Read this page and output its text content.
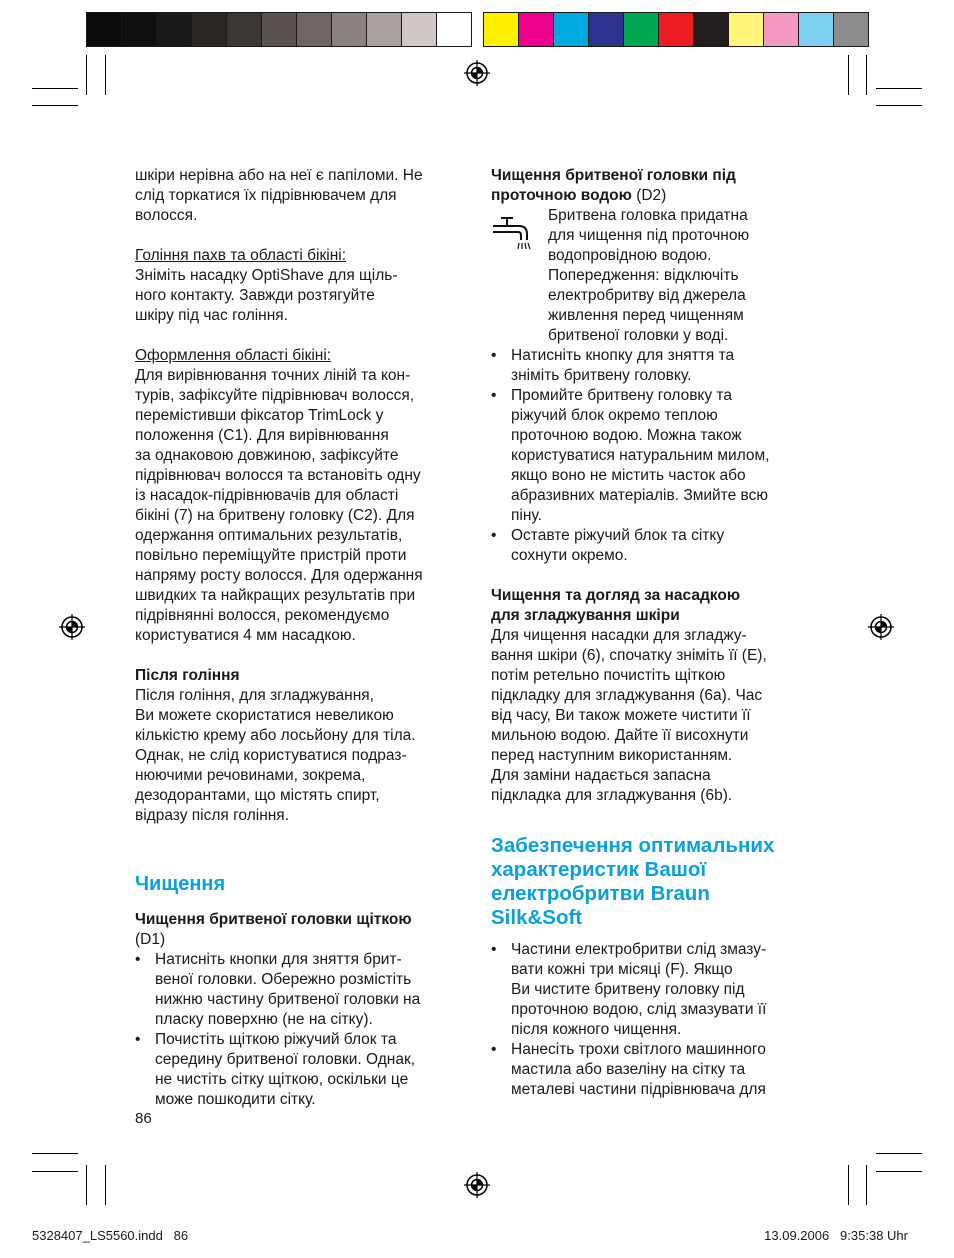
шкіри нерівна або на неї є папіломи. Не

слід торкатися їх підрівнювачем для

волосся.

Гоління пахв та області бікіні:

Зніміть насадку OptiShave для щіль-

ного контакту. Завжди розтягуйте

шкіру під час гоління.

Оформлення області бікіні:

Для вирівнювання точних ліній та кон-

турів, зафіксуйте підрівнювач волосся,

перемістивши фіксатор TrimLock у

положення (C1). Для вирівнювання

за однаковою довжиною, зафіксуйте

підрівнювач волосся та встановіть одну

із насадок-підрівнювачів для області

бікіні (7) на бритвену головку (C2). Для

одержання оптимальних результатів,

повільно переміщуйте пристрій проти

напряму росту волосся. Для одержання

швидких та найкращих результатів при

підрівнянні волосся, рекомендуємо

користуватися 4 мм насадкою.

Після гоління

Після гоління, для згладжування,

Ви можете скористатися невеликою

кількістю крему або лосьйону для тіла.

Однак, не слід користуватися подраз-

нюючими речовинами, зокрема,

дезодорантами, що містять спирт,

відразу після гоління.

Чищення

Чищення бритвеної головки щіткою

(D1)

• Натисніть кнопки для зняття брит-

веної головки. Обережно розмістіть

нижню частину бритвеної головки на

пласку поверхню (не на сітку).

• Почистіть щіткою ріжучий блок та

середину бритвеної головки. Однак,

не чистіть сітку щіткою, оскільки це

може пошкодити сітку.

86

Чищення бритвеної головки під

проточною водою (D2)

Бритвена головка придатна

для чищення під проточною

водопровідною водою.

Попередження: відключіть

електробритву від джерела

живлення перед чищенням

бритвеної головки у воді.

• Натисніть кнопку для зняття та

зніміть бритвену головку.

• Промийте бритвену головку та

ріжучий блок окремо теплою

проточною водою. Можна також

користуватися натуральним милом,

якщо воно не містить часток або

абразивних матеріалів. Змийте всю

піну.

• Оставте ріжучий блок та сітку

сохнути окремо.

Чищення та догляд за насадкою

для згладжування шкіри

Для чищення насадки для згладжу-

вання шкіри (6), спочатку зніміть її (E),

потім ретельно почистіть щіткою

підкладку для згладжування (6a). Час

від часу, Ви також можете чистити її

мильною водою. Дайте її висохнути

перед наступним використанням.

Для заміни надається запасна

підкладка для згладжування (6b).

Забезпечення оптимальних

характеристик Вашої

електробритви Braun

Silk&Soft

• Частини електробритви слід змазу-

вати кожні три місяці (F). Якщо

Ви чистите бритвену головку під

проточною водою, слід змазувати її

після кожного чищення.

• Нанесіть трохи світлого машинного

мастила або вазеліну на сітку та

металеві частини підрівнювача для

5328407_LS5560.indd   86	13.09.2006   9:35:38 Uhr
